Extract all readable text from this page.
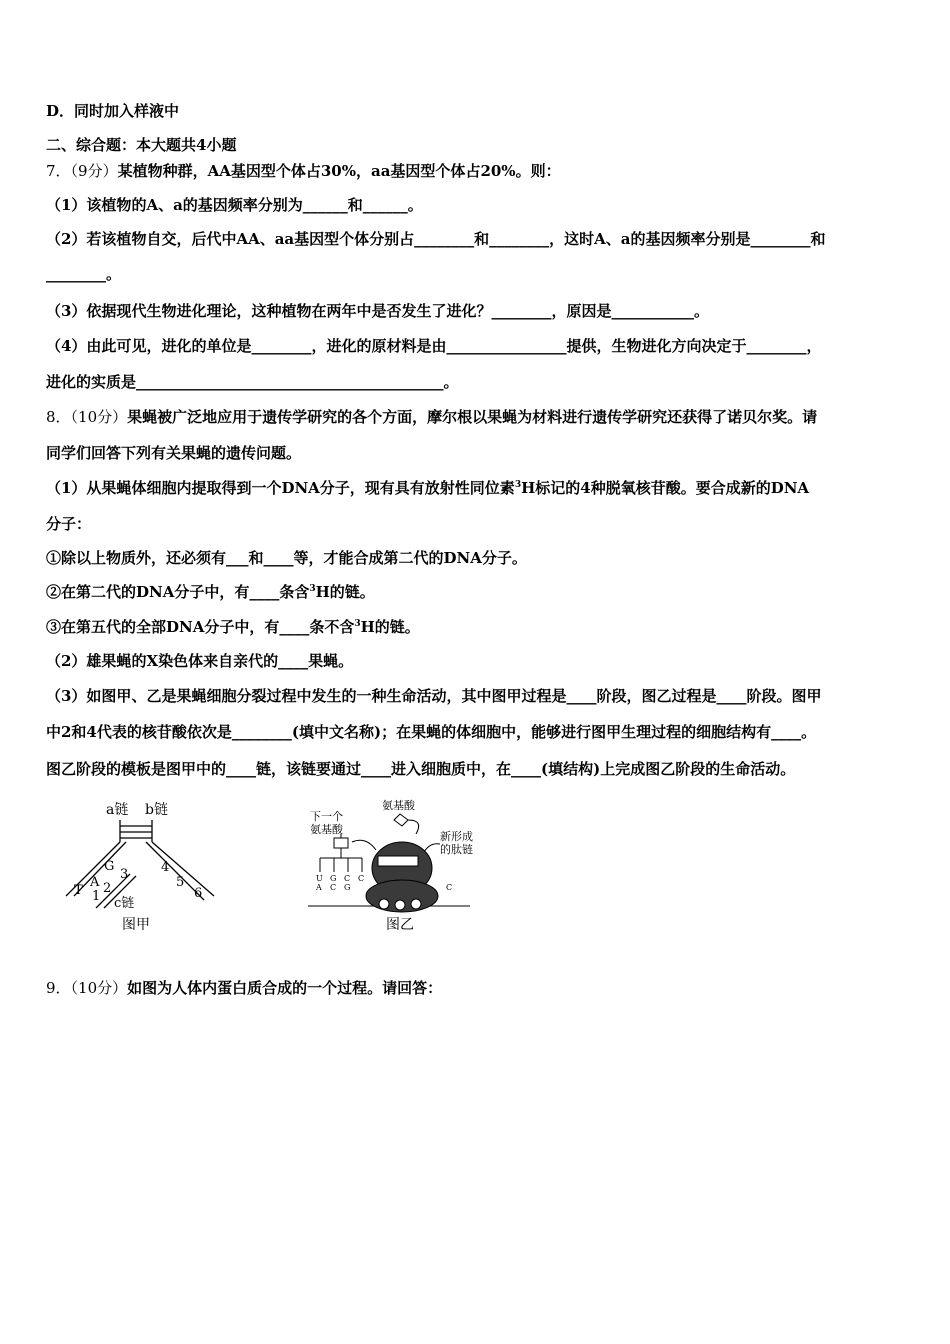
D．同时加入样液中
二、综合题：本大题共4小题
7．（9分）某植物种群，AA基因型个体占30%，aa基因型个体占20%。则：
（1）该植物的A、a的基因频率分别为______和______。
（2）若该植物自交，后代中AA、aa基因型个体分别占________和________，这时A、a的基因频率分别是________和
________。
（3）依据现代生物进化理论，这种植物在两年中是否发生了进化？________，原因是___________。
（4）由此可见，进化的单位是________，进化的原材料是由________________提供，生物进化方向决定于________，
进化的实质是_________________________________________。
8．（10分）果蝇被广泛地应用于遗传学研究的各个方面，摩尔根以果蝇为材料进行遗传学研究还获得了诺贝尔奖。请
同学们回答下列有关果蝇的遗传问题。
（1）从果蝇体细胞内提取得到一个DNA分子，现有具有放射性同位素$^3$H标记的4种脱氧核苷酸。要合成新的DNA
分子：
①除以上物质外，还必须有___和____等，才能合成第二代的DNA分子。
②在第二代的DNA分子中，有____条含$^3$H的链。
③在第五代的全部DNA分子中，有____条不含$^3$H的链。
（2）雄果蝇的X染色体来自亲代的____果蝇。
（3）如图甲、乙是果蝇细胞分裂过程中发生的一种生命活动，其中图甲过程是____阶段，图乙过程是____阶段。图甲
中2和4代表的核苷酸依次是________(填中文名称)；在果蝇的体细胞中，能够进行图甲生理过程的细胞结构有____。
图乙阶段的模板是图甲中的____链，该链要通过____进入细胞质中，在____(填结构)上完成图乙阶段的生命活动。
a链 b链
G
3
A 2
T 1
4
5
6
c链
图甲
下一个
氨基酸
氨基酸
新形成
的肽链
U
A
G
C
C
G
C
C
图乙
9．（10分）如图为人体内蛋白质合成的一个过程。请回答：
